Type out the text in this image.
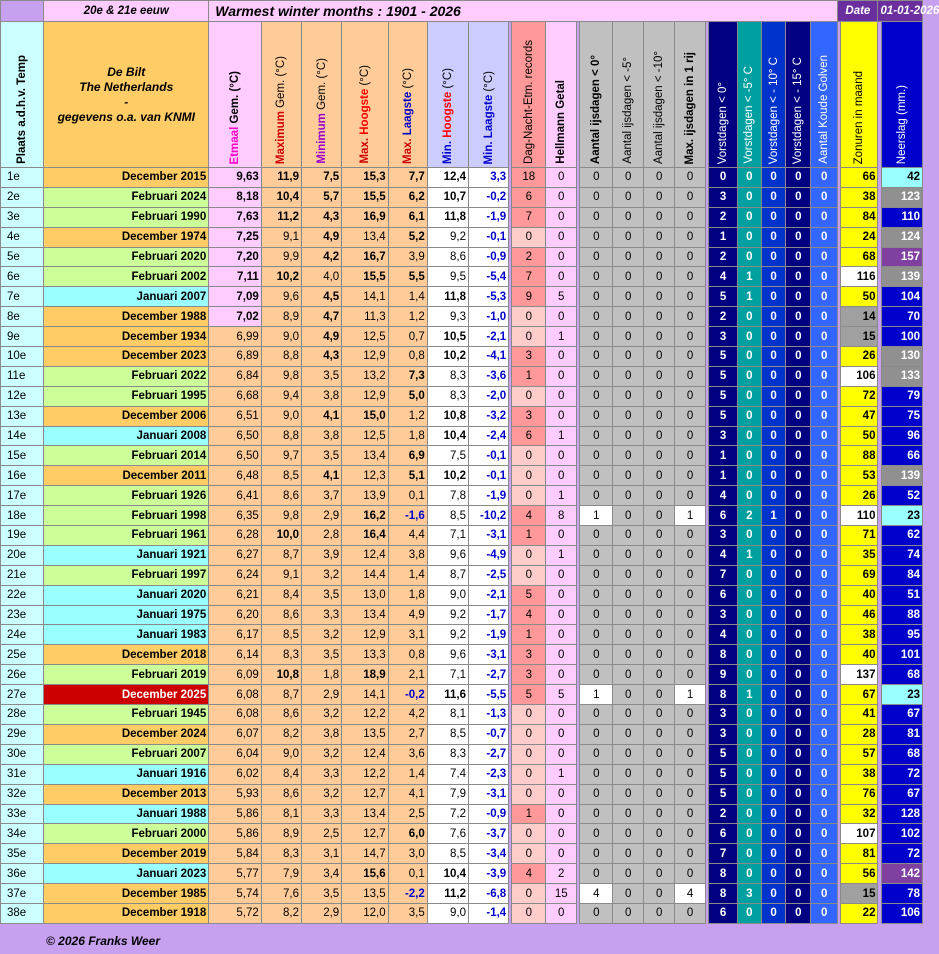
	20e & 21e eeuw	Warmest winter months : 1901 - 2026																					Date		01-01-2026	
Plaats a.d.h.v. Temp	De Bilt
The Netherlands
-
gegevens o.a. van KNMI	Etmaal Gem. (°C)	Maximum Gem. (°C)	Minimum Gem. (°C)	Max. Hoogste (°C)	Max. Laagste (°C)	Min. Hoogste (°C)	Min. Laagste (°C)		Dag-Nacht-Etm. records	Hellmann Getal		Aantal ijsdagen < 0°	Aantal ijsdagen < -5°	Aantal ijsdagen < -10°	Max. ijsdagen in 1 rij		Vorstdagen < 0°	Vorstdagen < -5° C	Vorstdagen < - 10° C	Vorstdagen < - 15° C	Aantal Koude Golven		Zonuren in maand		Neerslag (mm.)
1e	December 2015	9,63	11,9	7,5	15,3	7,7	12,4	3,3		18	0		0	0	0	0		0	0	0	0	0		66		42
2e	Februari 2024	8,18	10,4	5,7	15,5	6,2	10,7	-0,2		6	0		0	0	0	0		3	0	0	0	0		38		123
3e	Februari 1990	7,63	11,2	4,3	16,9	6,1	11,8	-1,9		7	0		0	0	0	0		2	0	0	0	0		84		110
4e	December 1974	7,25	9,1	4,9	13,4	5,2	9,2	-0,1		0	0		0	0	0	0		1	0	0	0	0		24		124
5e	Februari 2020	7,20	9,9	4,2	16,7	3,9	8,6	-0,9		2	0		0	0	0	0		2	0	0	0	0		68		157
6e	Februari 2002	7,11	10,2	4,0	15,5	5,5	9,5	-5,4		7	0		0	0	0	0		4	1	0	0	0		116		139
7e	Januari 2007	7,09	9,6	4,5	14,1	1,4	11,8	-5,3		9	5		0	0	0	0		5	1	0	0	0		50		104
8e	December 1988	7,02	8,9	4,7	11,3	1,2	9,3	-1,0		0	0		0	0	0	0		2	0	0	0	0		14		70
9e	December 1934	6,99	9,0	4,9	12,5	0,7	10,5	-2,1		0	1		0	0	0	0		3	0	0	0	0		15		100
10e	December 2023	6,89	8,8	4,3	12,9	0,8	10,2	-4,1		3	0		0	0	0	0		5	0	0	0	0		26		130
11e	Februari 2022	6,84	9,8	3,5	13,2	7,3	8,3	-3,6		1	0		0	0	0	0		5	0	0	0	0		106		133
12e	Februari 1995	6,68	9,4	3,8	12,9	5,0	8,3	-2,0		0	0		0	0	0	0		5	0	0	0	0		72		79
13e	December 2006	6,51	9,0	4,1	15,0	1,2	10,8	-3,2		3	0		0	0	0	0		5	0	0	0	0		47		75
14e	Januari 2008	6,50	8,8	3,8	12,5	1,8	10,4	-2,4		6	1		0	0	0	0		3	0	0	0	0		50		96
15e	Februari 2014	6,50	9,7	3,5	13,4	6,9	7,5	-0,1		0	0		0	0	0	0		1	0	0	0	0		88		66
16e	December 2011	6,48	8,5	4,1	12,3	5,1	10,2	-0,1		0	0		0	0	0	0		1	0	0	0	0		53		139
17e	Februari 1926	6,41	8,6	3,7	13,9	0,1	7,8	-1,9		0	1		0	0	0	0		4	0	0	0	0		26		52
18e	Februari 1998	6,35	9,8	2,9	16,2	-1,6	8,5	-10,2		4	8		1	0	0	1		6	2	1	0	0		110		23
19e	Februari 1961	6,28	10,0	2,8	16,4	4,4	7,1	-3,1		1	0		0	0	0	0		3	0	0	0	0		71		62
20e	Januari 1921	6,27	8,7	3,9	12,4	3,8	9,6	-4,9		0	1		0	0	0	0		4	1	0	0	0		35		74
21e	Februari 1997	6,24	9,1	3,2	14,4	1,4	8,7	-2,5		0	0		0	0	0	0		7	0	0	0	0		69		84
22e	Januari 2020	6,21	8,4	3,5	13,0	1,8	9,0	-2,1		5	0		0	0	0	0		6	0	0	0	0		40		51
23e	Januari 1975	6,20	8,6	3,3	13,4	4,9	9,2	-1,7		4	0		0	0	0	0		3	0	0	0	0		46		88
24e	Januari 1983	6,17	8,5	3,2	12,9	3,1	9,2	-1,9		1	0		0	0	0	0		4	0	0	0	0		38		95
25e	December 2018	6,14	8,3	3,5	13,3	0,8	9,6	-3,1		3	0		0	0	0	0		8	0	0	0	0		40		101
26e	Februari 2019	6,09	10,8	1,8	18,9	2,1	7,1	-2,7		3	0		0	0	0	0		9	0	0	0	0		137		68
27e	December 2025	6,08	8,7	2,9	14,1	-0,2	11,6	-5,5		5	5		1	0	0	1		8	1	0	0	0		67		23
28e	Februari 1945	6,08	8,6	3,2	12,2	4,2	8,1	-1,3		0	0		0	0	0	0		3	0	0	0	0		41		67
29e	December 2024	6,07	8,2	3,8	13,5	2,7	8,5	-0,7		0	0		0	0	0	0		3	0	0	0	0		28		81
30e	Februari 2007	6,04	9,0	3,2	12,4	3,6	8,3	-2,7		0	0		0	0	0	0		5	0	0	0	0		57		68
31e	Januari 1916	6,02	8,4	3,3	12,2	1,4	7,4	-2,3		0	1		0	0	0	0		5	0	0	0	0		38		72
32e	December 2013	5,93	8,6	3,2	12,7	4,1	7,9	-3,1		0	0		0	0	0	0		5	0	0	0	0		76		67
33e	Januari 1988	5,86	8,1	3,3	13,4	2,5	7,2	-0,9		1	0		0	0	0	0		2	0	0	0	0		32		128
34e	Februari 2000	5,86	8,9	2,5	12,7	6,0	7,6	-3,7		0	0		0	0	0	0		6	0	0	0	0		107		102
35e	December 2019	5,84	8,3	3,1	14,7	3,0	8,5	-3,4		0	0		0	0	0	0		7	0	0	0	0		81		72
36e	Januari 2023	5,77	7,9	3,4	15,6	0,1	10,4	-3,9		4	2		0	0	0	0		8	0	0	0	0		56		142
37e	December 1985	5,74	7,6	3,5	13,5	-2,2	11,2	-6,8		0	15		4	0	0	4		8	3	0	0	0		15		78
38e	December 1918	5,72	8,2	2,9	12,0	3,5	9,0	-1,4		0	0		0	0	0	0		6	0	0	0	0		22		106
© 2026 Franks Weer
